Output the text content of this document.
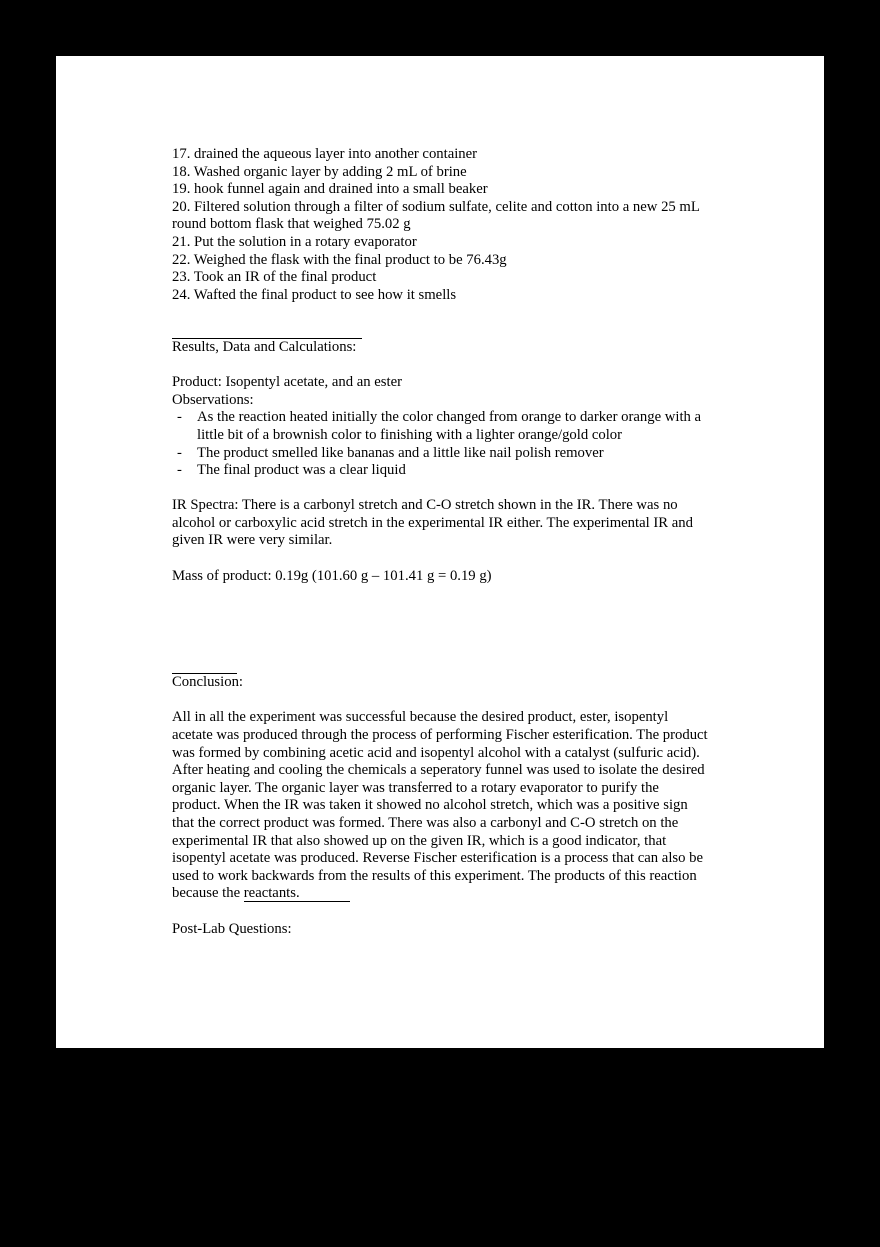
17. drained the aqueous layer into another container
18. Washed organic layer by adding 2 mL of brine
19. hook funnel again and drained into a small beaker
20. Filtered solution through a filter of sodium sulfate, celite and cotton into a new 25 mL round bottom flask that weighed 75.02 g
21. Put the solution in a rotary evaporator
22. Weighed the flask with the final product to be 76.43g
23. Took an IR of the final product
24. Wafted the final product to see how it smells
Results, Data and Calculations:
Product: Isopentyl acetate, and an ester
Observations:
-	As the reaction heated initially the color changed from orange to darker orange with a little bit of a brownish color to finishing with a lighter orange/gold color
-	The product smelled like bananas and a little like nail polish remover
-	The final product was a clear liquid

IR Spectra: There is a carbonyl stretch and C-O stretch shown in the IR. There was no alcohol or carboxylic acid stretch in the experimental IR either. The experimental IR and given IR were very similar.

Mass of product: 0.19g (101.60 g – 101.41 g = 0.19 g)
Conclusion:

All in all the experiment was successful because the desired product, ester, isopentyl acetate was produced through the process of performing Fischer esterification. The product was formed by combining acetic acid and isopentyl alcohol with a catalyst (sulfuric acid). After heating and cooling the chemicals a seperatory funnel was used to isolate the desired organic layer. The organic layer was transferred to a rotary evaporator to purify the product. When the IR was taken it showed no alcohol stretch, which was a positive sign that the correct product was formed. There was also a carbonyl and C-O stretch on the experimental IR that also showed up on the given IR, which is a good indicator, that isopentyl acetate was produced. Reverse Fischer esterification is a process that can also be used to work backwards from the results of this experiment. The products of this reaction because the reactants.

Post-Lab Questions:
